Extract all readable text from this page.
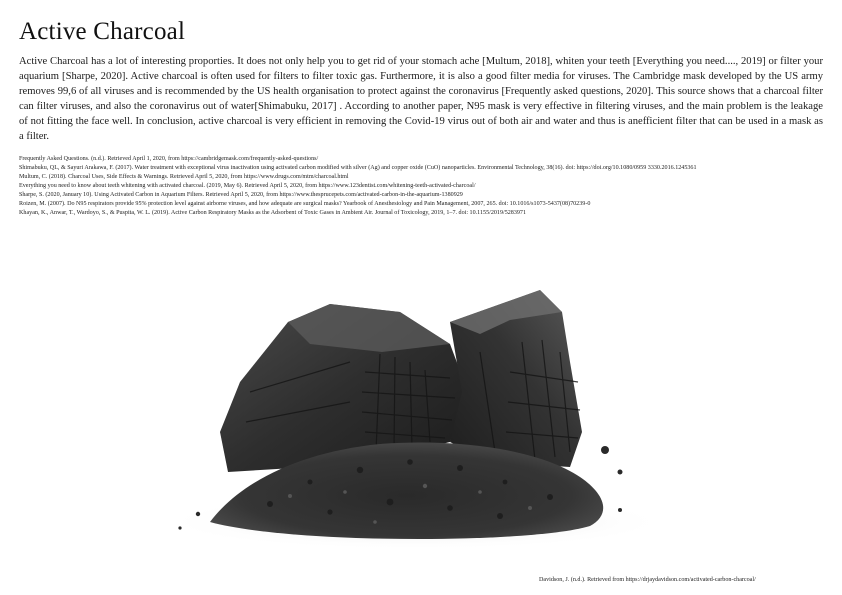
Active Charcoal

Active Charcoal has a lot of interesting proporties. It does not only help you to get rid of your stomach ache [Multum, 2018], whiten your teeth [Everything you need...., 2019] or filter your aquarium [Sharpe, 2020]. Active charcoal is often used for filters to filter toxic gas. Furthermore, it is also a good filter media for viruses. The Cambridge mask developed by the US army removes 99,6 of all viruses and is recommended by the US health organisation to protect against the coronavirus [Frequently asked questions, 2020]. This source shows that a charcoal filter can filter viruses, and also the coronavirus out of water[Shimabuku, 2017] . According to another paper, N95 mask is very effective in filtering viruses, and the main problem is the leakage of not fitting the face well. In conclusion, active charcoal is very efficient in removing the Covid-19 virus out of both air and water and thus is anefficient filter that can be used in a mask as a filter.

Frequently Asked Questions. (n.d.). Retrieved April 1, 2020, from https://cambridgemask.com/frequently-asked-questions/
Shimabuku, QL, & Sayuri Arakawa, F. (2017). Water treatment with exceptional virus inactivation using activated carbon modified with silver (Ag) and copper oxide (CuO) nanoparticles. Environmental Technology, 38(16). doi: https://doi.org/10.1080/0959 3330.2016.1245361
Multum, C. (2018). Charcoal Uses, Side Effects & Warnings. Retrieved April 5, 2020, from https://www.drugs.com/mtm/charcoal.html
Everything you need to know about teeth whitening with activated charcoal. (2019, May 6). Retrieved April 5, 2020, from https://www.123dentist.com/whitening-teeth-activated-charcoal/
Sharpe, S. (2020, January 10). Using Activated Carbon in Aquarium Filters. Retrieved April 5, 2020, from https://www.thesprucepets.com/activated-carbon-in-the-aquarium-1380929
Roizen, M. (2007). Do N95 respirators provide 95% protection level against airborne viruses, and how adequate are surgical masks? Yearbook of Anesthesiology and Pain Management, 2007, 265. doi: 10.1016/s1073-5437(08)70239-0
Khayan, K., Anwar, T., Wardoyo, S., & Puspita, W. L. (2019). Active Carbon Respiratory Masks as the Adsorbent of Toxic Gases in Ambient Air. Journal of Toxicology, 2019, 1–7. doi: 10.1155/2019/5283971

Davidson, J. (n.d.). Retrieved from https://drjaydavidson.com/activated-carbon-charcoal/
